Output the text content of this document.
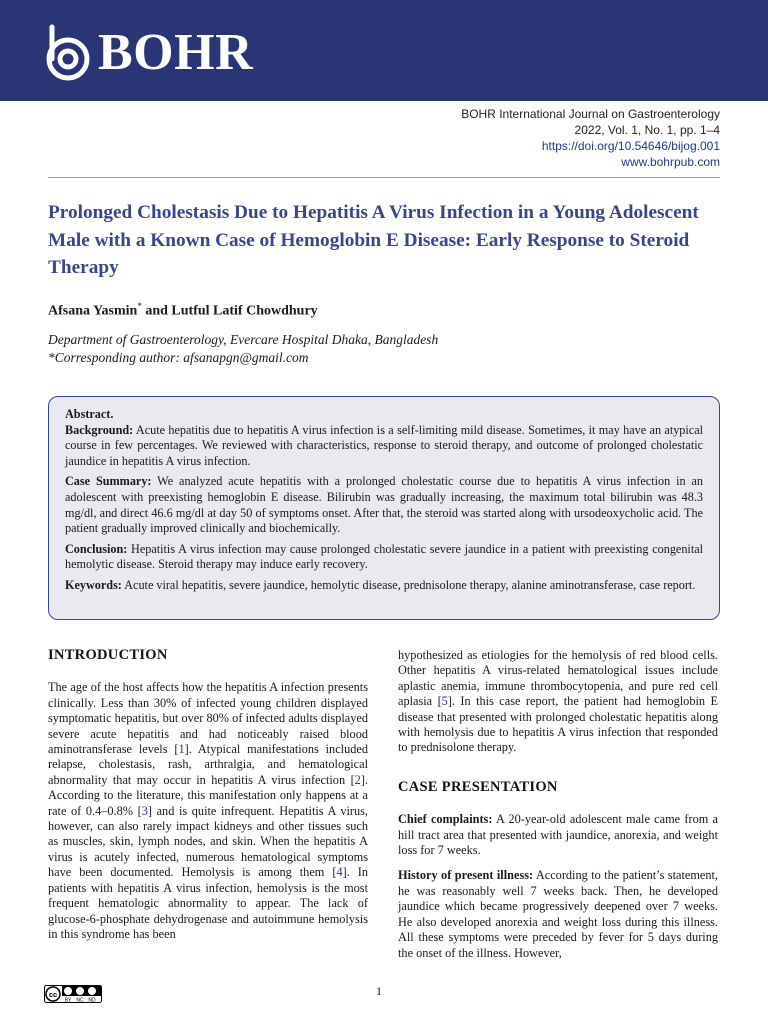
BOHR
BOHR International Journal on Gastroenterology
2022, Vol. 1, No. 1, pp. 1–4
https://doi.org/10.54646/bijog.001
www.bohrpub.com
Prolonged Cholestasis Due to Hepatitis A Virus Infection in a Young Adolescent Male with a Known Case of Hemoglobin E Disease: Early Response to Steroid Therapy
Afsana Yasmin* and Lutful Latif Chowdhury
Department of Gastroenterology, Evercare Hospital Dhaka, Bangladesh
*Corresponding author: afsanapgn@gmail.com

Abstract.

Background: Acute hepatitis due to hepatitis A virus infection is a self-limiting mild disease. Sometimes, it may have an atypical course in few percentages. We reviewed with characteristics, response to steroid therapy, and outcome of prolonged cholestatic jaundice in hepatitis A virus infection.

Case Summary: We analyzed acute hepatitis with a prolonged cholestatic course due to hepatitis A virus infection in an adolescent with preexisting hemoglobin E disease. Bilirubin was gradually increasing, the maximum total bilirubin was 48.3 mg/dl, and direct 46.6 mg/dl at day 50 of symptoms onset. After that, the steroid was started along with ursodeoxycholic acid. The patient gradually improved clinically and biochemically.

Conclusion: Hepatitis A virus infection may cause prolonged cholestatic severe jaundice in a patient with preexisting congenital hemolytic disease. Steroid therapy may induce early recovery.

Keywords: Acute viral hepatitis, severe jaundice, hemolytic disease, prednisolone therapy, alanine aminotransferase, case report.

INTRODUCTION

The age of the host affects how the hepatitis A infection presents clinically. Less than 30% of infected young children displayed symptomatic hepatitis, but over 80% of infected adults displayed severe acute hepatitis and had noticeably raised blood aminotransferase levels [1]. Atypical manifestations included relapse, cholestasis, rash, arthralgia, and hematological abnormality that may occur in hepatitis A virus infection [2]. According to the literature, this manifestation only happens at a rate of 0.4–0.8% [3] and is quite infrequent. Hepatitis A virus, however, can also rarely impact kidneys and other tissues such as muscles, skin, lymph nodes, and skin. When the hepatitis A virus is acutely infected, numerous hematological symptoms have been documented. Hemolysis is among them [4]. In patients with hepatitis A virus infection, hemolysis is the most frequent hematologic abnormality to appear. The lack of glucose-6-phosphate dehydrogenase and autoimmune hemolysis in this syndrome has been

hypothesized as etiologies for the hemolysis of red blood cells. Other hepatitis A virus-related hematological issues include aplastic anemia, immune thrombocytopenia, and pure red cell aplasia [5]. In this case report, the patient had hemoglobin E disease that presented with prolonged cholestatic hepatitis along with hemolysis due to hepatitis A virus infection that responded to prednisolone therapy.

CASE PRESENTATION

Chief complaints: A 20-year-old adolescent male came from a hill tract area that presented with jaundice, anorexia, and weight loss for 7 weeks.

History of present illness: According to the patient’s statement, he was reasonably well 7 weeks back. Then, he developed jaundice which became progressively deepened over 7 weeks. He also developed anorexia and weight loss during this illness. All these symptoms were preceded by fever for 5 days during the onset of the illness. However,

cc
BY NC ND
1
